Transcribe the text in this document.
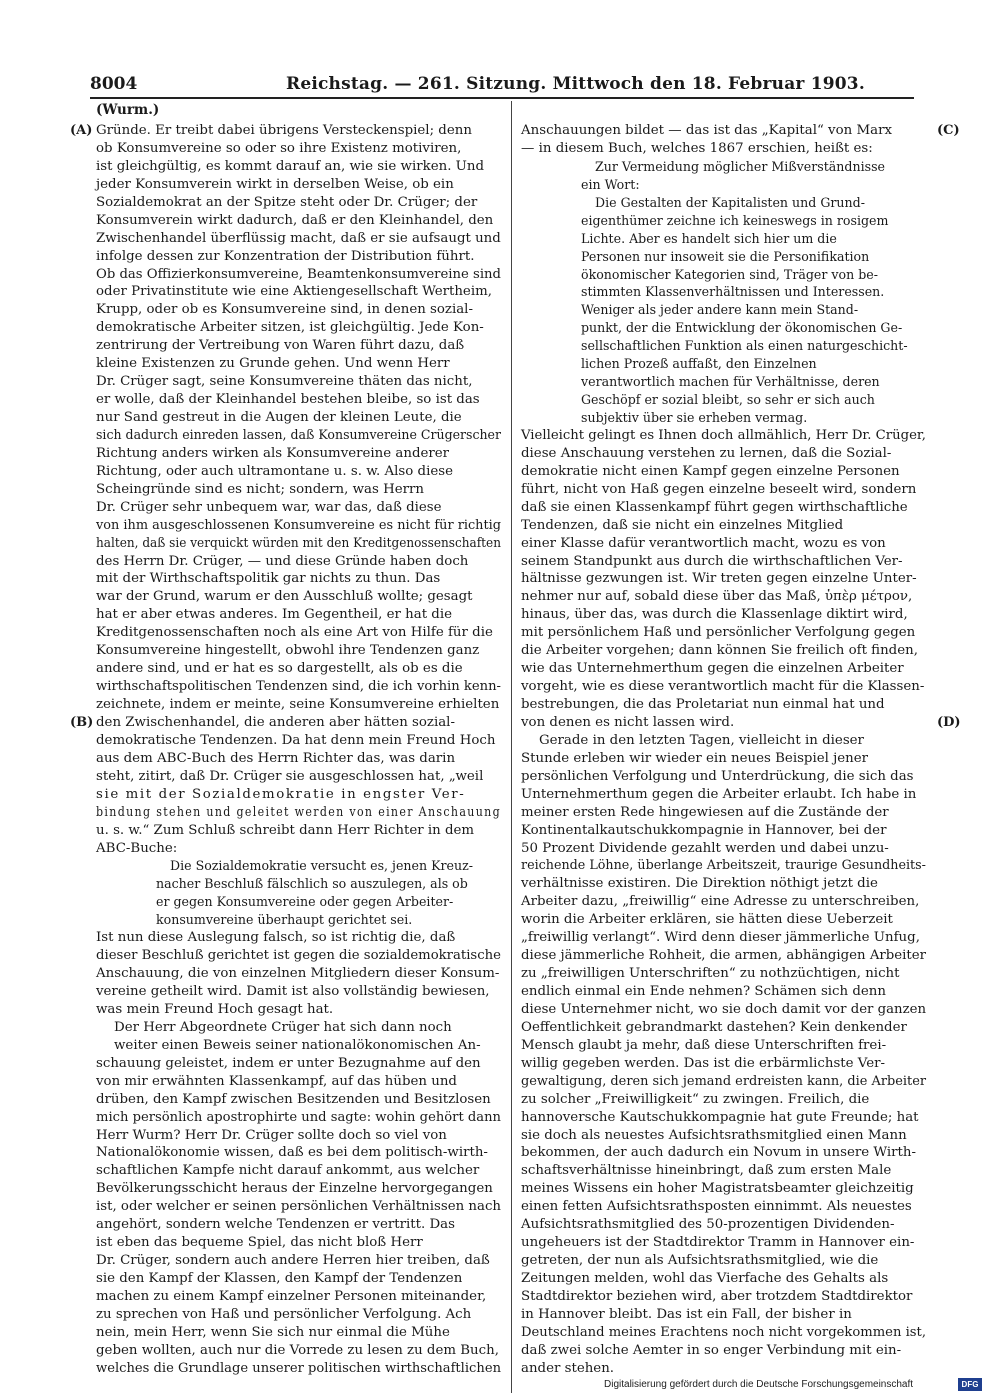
8004	Reichstag. — 261. Sitzung. Mittwoch den 18. Februar 1903.
(Wurm.)
(A)
(B)
(C)
(D)
Gründe. Er treibt dabei übrigens Versteckenspiel; denn
ob Konsumvereine so oder so ihre Existenz motiviren,
ist gleichgültig, es kommt darauf an, wie sie wirken. Und
jeder Konsumverein wirkt in derselben Weise, ob ein
Sozialdemokrat an der Spitze steht oder Dr. Crüger; der
Konsumverein wirkt dadurch, daß er den Kleinhandel, den
Zwischenhandel überflüssig macht, daß er sie aufsaugt und
infolge dessen zur Konzentration der Distribution führt.
Ob das Offizierkonsumvereine, Beamtenkonsumvereine sind
oder Privatinstitute wie eine Aktiengesellschaft Wertheim,
Krupp, oder ob es Konsumvereine sind, in denen sozial-
demokratische Arbeiter sitzen, ist gleichgültig. Jede Kon-
zentrirung der Vertreibung von Waren führt dazu, daß
kleine Existenzen zu Grunde gehen. Und wenn Herr
Dr. Crüger sagt, seine Konsumvereine thäten das nicht,
er wolle, daß der Kleinhandel bestehen bleibe, so ist das
nur Sand gestreut in die Augen der kleinen Leute, die
sich dadurch einreden lassen, daß Konsumvereine Crügerscher
Richtung anders wirken als Konsumvereine anderer
Richtung, oder auch ultramontane u. s. w. Also diese
Scheingründe sind es nicht; sondern, was Herrn
Dr. Crüger sehr unbequem war, war das, daß diese
von ihm ausgeschlossenen Konsumvereine es nicht für richtig
halten, daß sie verquickt würden mit den Kreditgenossenschaften
des Herrn Dr. Crüger, — und diese Gründe haben doch
mit der Wirthschaftspolitik gar nichts zu thun. Das
war der Grund, warum er den Ausschluß wollte; gesagt
hat er aber etwas anderes. Im Gegentheil, er hat die
Kreditgenossenschaften noch als eine Art von Hilfe für die
Konsumvereine hingestellt, obwohl ihre Tendenzen ganz
andere sind, und er hat es so dargestellt, als ob es die
wirthschaftspolitischen Tendenzen sind, die ich vorhin kenn-
zeichnete, indem er meinte, seine Konsumvereine erhielten
den Zwischenhandel, die anderen aber hätten sozial-
demokratische Tendenzen. Da hat denn mein Freund Hoch
aus dem ABC-Buch des Herrn Richter das, was darin
steht, zitirt, daß Dr. Crüger sie ausgeschlossen hat, „weil
sie mit der Sozialdemokratie in engster Ver-
bindung stehen und geleitet werden von einer Anschauung
u. s. w.“ Zum Schluß schreibt dann Herr Richter in dem
ABC-Buche:
Die Sozialdemokratie versucht es, jenen Kreuz-
nacher Beschluß fälschlich so auszulegen, als ob
er gegen Konsumvereine oder gegen Arbeiter-
konsumvereine überhaupt gerichtet sei.
Ist nun diese Auslegung falsch, so ist richtig die, daß
dieser Beschluß gerichtet ist gegen die sozialdemokratische
Anschauung, die von einzelnen Mitgliedern dieser Konsum-
vereine getheilt wird. Damit ist also vollständig bewiesen,
was mein Freund Hoch gesagt hat.
Der Herr Abgeordnete Crüger hat sich dann noch
weiter einen Beweis seiner nationalökonomischen An-
schauung geleistet, indem er unter Bezugnahme auf den
von mir erwähnten Klassenkampf, auf das hüben und
drüben, den Kampf zwischen Besitzenden und Besitzlosen
mich persönlich apostrophirte und sagte: wohin gehört dann
Herr Wurm? Herr Dr. Crüger sollte doch so viel von
Nationalökonomie wissen, daß es bei dem politisch-wirth-
schaftlichen Kampfe nicht darauf ankommt, aus welcher
Bevölkerungsschicht heraus der Einzelne hervorgegangen
ist, oder welcher er seinen persönlichen Verhältnissen nach
angehört, sondern welche Tendenzen er vertritt. Das
ist eben das bequeme Spiel, das nicht bloß Herr
Dr. Crüger, sondern auch andere Herren hier treiben, daß
sie den Kampf der Klassen, den Kampf der Tendenzen
machen zu einem Kampf einzelner Personen miteinander,
zu sprechen von Haß und persönlicher Verfolgung. Ach
nein, mein Herr, wenn Sie sich nur einmal die Mühe
geben wollten, auch nur die Vorrede zu lesen zu dem Buch,
welches die Grundlage unserer politischen wirthschaftlichen
Anschauungen bildet — das ist das „Kapital“ von Marx
— in diesem Buch, welches 1867 erschien, heißt es:
Zur Vermeidung möglicher Mißverständnisse
ein Wort:
Die Gestalten der Kapitalisten und Grund-
eigenthümer zeichne ich keineswegs in rosigem
Lichte. Aber es handelt sich hier um die
Personen nur insoweit sie die Personifikation
ökonomischer Kategorien sind, Träger von be-
stimmten Klassenverhältnissen und Interessen.
Weniger als jeder andere kann mein Stand-
punkt, der die Entwicklung der ökonomischen Ge-
sellschaftlichen Funktion als einen naturgeschicht-
lichen Prozeß auffaßt, den Einzelnen
verantwortlich machen für Verhältnisse, deren
Geschöpf er sozial bleibt, so sehr er sich auch
subjektiv über sie erheben vermag.
Vielleicht gelingt es Ihnen doch allmählich, Herr Dr. Crüger,
diese Anschauung verstehen zu lernen, daß die Sozial-
demokratie nicht einen Kampf gegen einzelne Personen
führt, nicht von Haß gegen einzelne beseelt wird, sondern
daß sie einen Klassenkampf führt gegen wirthschaftliche
Tendenzen, daß sie nicht ein einzelnes Mitglied
einer Klasse dafür verantwortlich macht, wozu es von
seinem Standpunkt aus durch die wirthschaftlichen Ver-
hältnisse gezwungen ist. Wir treten gegen einzelne Unter-
nehmer nur auf, sobald diese über das Maß, ὑπὲρ μέτρον,
hinaus, über das, was durch die Klassenlage diktirt wird,
mit persönlichem Haß und persönlicher Verfolgung gegen
die Arbeiter vorgehen; dann können Sie freilich oft finden,
wie das Unternehmerthum gegen die einzelnen Arbeiter
vorgeht, wie es diese verantwortlich macht für die Klassen-
bestrebungen, die das Proletariat nun einmal hat und
von denen es nicht lassen wird.
Gerade in den letzten Tagen, vielleicht in dieser
Stunde erleben wir wieder ein neues Beispiel jener
persönlichen Verfolgung und Unterdrückung, die sich das
Unternehmerthum gegen die Arbeiter erlaubt. Ich habe in
meiner ersten Rede hingewiesen auf die Zustände der
Kontinentalkautschukkompagnie in Hannover, bei der
50 Prozent Dividende gezahlt werden und dabei unzu-
reichende Löhne, überlange Arbeitszeit, traurige Gesundheits-
verhältnisse existiren. Die Direktion nöthigt jetzt die
Arbeiter dazu, „freiwillig“ eine Adresse zu unterschreiben,
worin die Arbeiter erklären, sie hätten diese Ueberzeit
„freiwillig verlangt“. Wird denn dieser jämmerliche Unfug,
diese jämmerliche Rohheit, die armen, abhängigen Arbeiter
zu „freiwilligen Unterschriften“ zu nothzüchtigen, nicht
endlich einmal ein Ende nehmen? Schämen sich denn
diese Unternehmer nicht, wo sie doch damit vor der ganzen
Oeffentlichkeit gebrandmarkt dastehen? Kein denkender
Mensch glaubt ja mehr, daß diese Unterschriften frei-
willig gegeben werden. Das ist die erbärmlichste Ver-
gewaltigung, deren sich jemand erdreisten kann, die Arbeiter
zu solcher „Freiwilligkeit“ zu zwingen. Freilich, die
hannoversche Kautschukkompagnie hat gute Freunde; hat
sie doch als neuestes Aufsichtsrathsmitglied einen Mann
bekommen, der auch dadurch ein Novum in unsere Wirth-
schaftsverhältnisse hineinbringt, daß zum ersten Male
meines Wissens ein hoher Magistratsbeamter gleichzeitig
einen fetten Aufsichtsrathsposten einnimmt. Als neuestes
Aufsichtsrathsmitglied des 50-prozentigen Dividenden-
ungeheuers ist der Stadtdirektor Tramm in Hannover ein-
getreten, der nun als Aufsichtsrathsmitglied, wie die
Zeitungen melden, wohl das Vierfache des Gehalts als
Stadtdirektor beziehen wird, aber trotzdem Stadtdirektor
in Hannover bleibt. Das ist ein Fall, der bisher in
Deutschland meines Erachtens noch nicht vorgekommen ist,
daß zwei solche Aemter in so enger Verbindung mit ein-
ander stehen.
Digitalisierung gefördert durch die Deutsche Forschungsgemeinschaft	DFG
